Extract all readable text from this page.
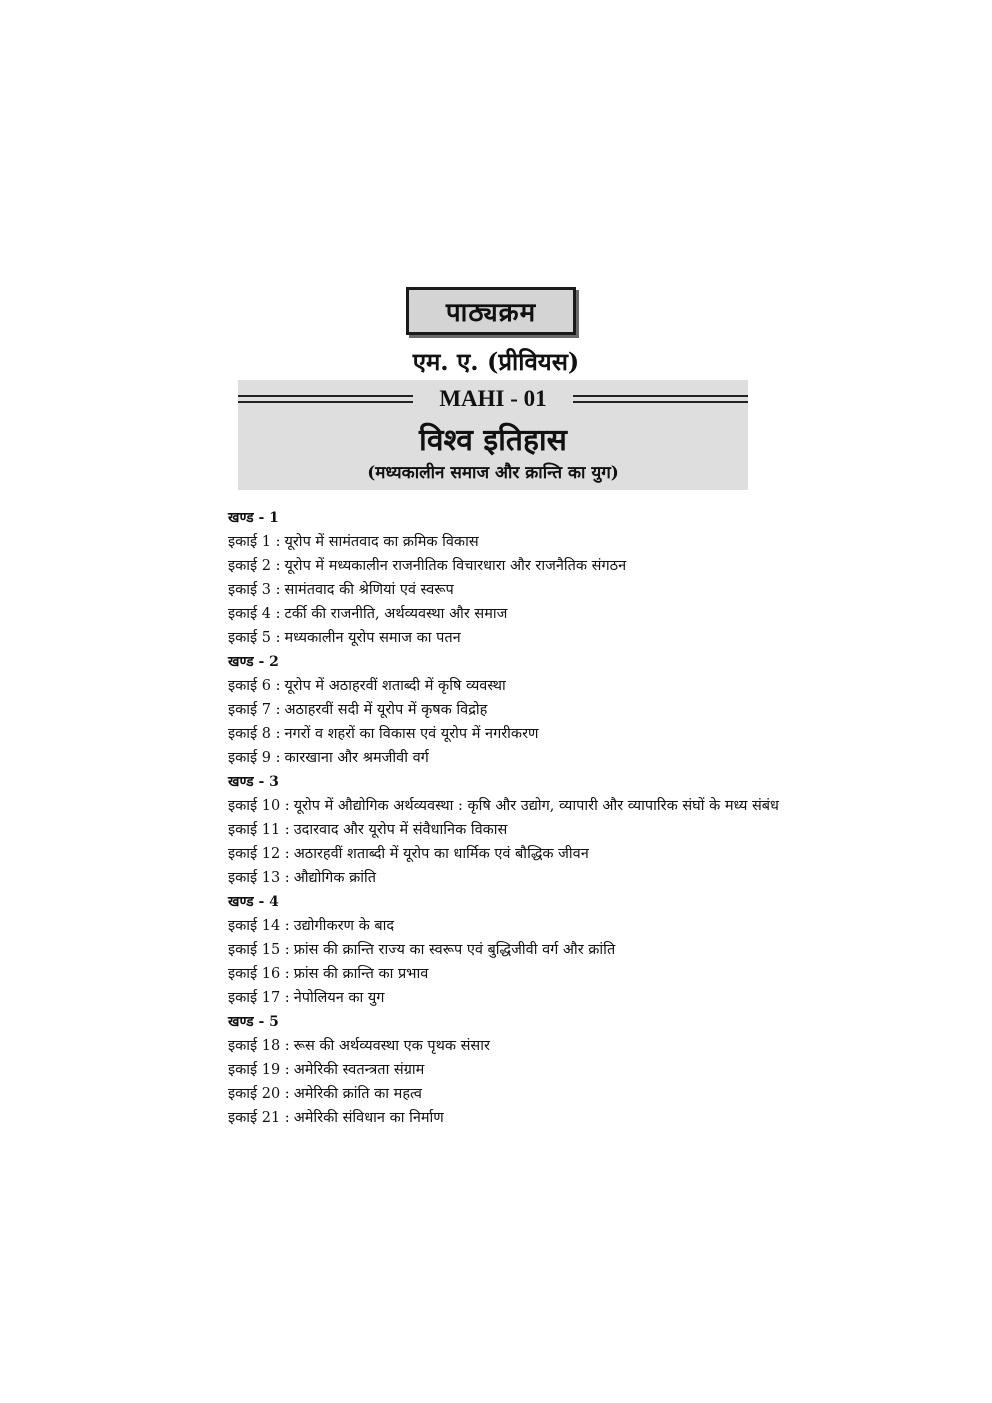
पाठ्यक्रम
एम. ए. (प्रीवियस)
MAHI - 01
विश्व इतिहास
(मध्यकालीन समाज और क्रान्ति का युग)
खण्ड - 1
इकाई 1 : यूरोप में सामंतवाद का क्रमिक विकास
इकाई 2 : यूरोप में मध्यकालीन राजनीतिक विचारधारा और राजनैतिक संगठन
इकाई 3 : सामंतवाद की श्रेणियां एवं स्वरूप
इकाई 4 : टर्की की राजनीति, अर्थव्यवस्था और समाज
इकाई 5 : मध्यकालीन यूरोप समाज का पतन
खण्ड - 2
इकाई 6 : यूरोप में अठाहरवीं शताब्दी में कृषि व्यवस्था
इकाई 7 : अठाहरवीं सदी में यूरोप में कृषक विद्रोह
इकाई 8 : नगरों व शहरों का विकास एवं यूरोप में नगरीकरण
इकाई 9 : कारखाना और श्रमजीवी वर्ग
खण्ड - 3
इकाई 10 : यूरोप में औद्योगिक अर्थव्यवस्था : कृषि और उद्योग, व्यापारी और व्यापारिक संघों के मध्य संबंध
इकाई 11 : उदारवाद और यूरोप में संवैधानिक विकास
इकाई 12 : अठारहवीं शताब्दी में यूरोप का धार्मिक एवं बौद्धिक जीवन
इकाई 13 : औद्योगिक क्रांति
खण्ड - 4
इकाई 14 : उद्योगीकरण के बाद
इकाई 15 : फ्रांस की क्रान्ति राज्य का स्वरूप एवं बुद्धिजीवी वर्ग और क्रांति
इकाई 16 : फ्रांस की क्रान्ति का प्रभाव
इकाई 17 : नेपोलियन का युग
खण्ड - 5
इकाई 18 : रूस की अर्थव्यवस्था एक पृथक संसार
इकाई 19 : अमेरिकी स्वतन्त्रता संग्राम
इकाई 20 : अमेरिकी क्रांति का महत्व
इकाई 21 : अमेरिकी संविधान का निर्माण
